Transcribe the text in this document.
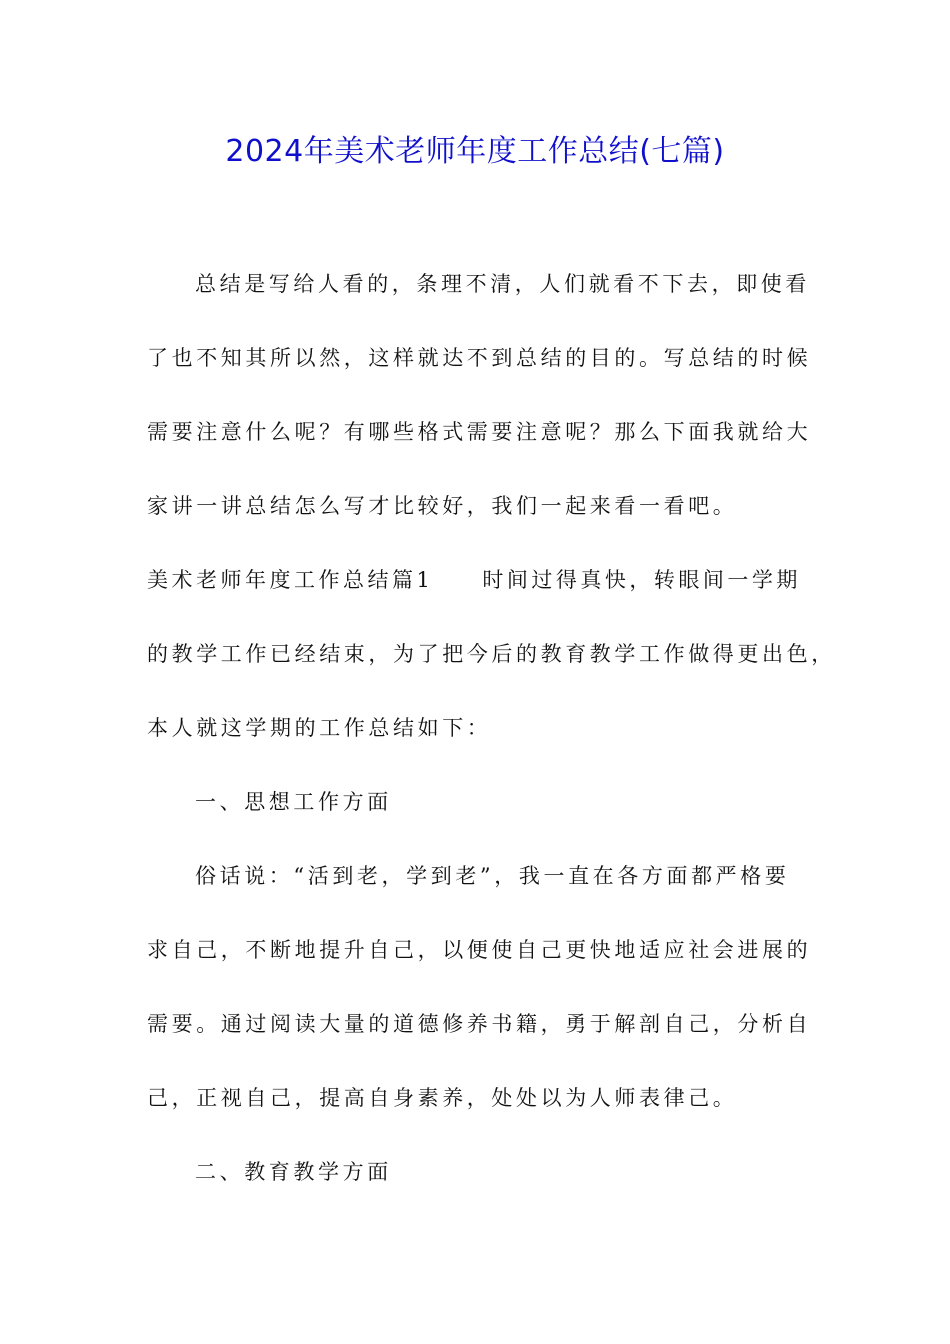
2024年美术老师年度工作总结(七篇)
总结是写给人看的，条理不清，人们就看不下去，即使看
了也不知其所以然，这样就达不到总结的目的。写总结的时候
需要注意什么呢？有哪些格式需要注意呢？那么下面我就给大
家讲一讲总结怎么写才比较好，我们一起来看一看吧。
美术老师年度工作总结篇1　　时间过得真快，转眼间一学期
的教学工作已经结束，为了把今后的教育教学工作做得更出色，
本人就这学期的工作总结如下：
一、思想工作方面
俗话说：“活到老，学到老”，我一直在各方面都严格要
求自己，不断地提升自己，以便使自己更快地适应社会进展的
需要。通过阅读大量的道德修养书籍，勇于解剖自己，分析自
己，正视自己，提高自身素养，处处以为人师表律己。
二、教育教学方面
